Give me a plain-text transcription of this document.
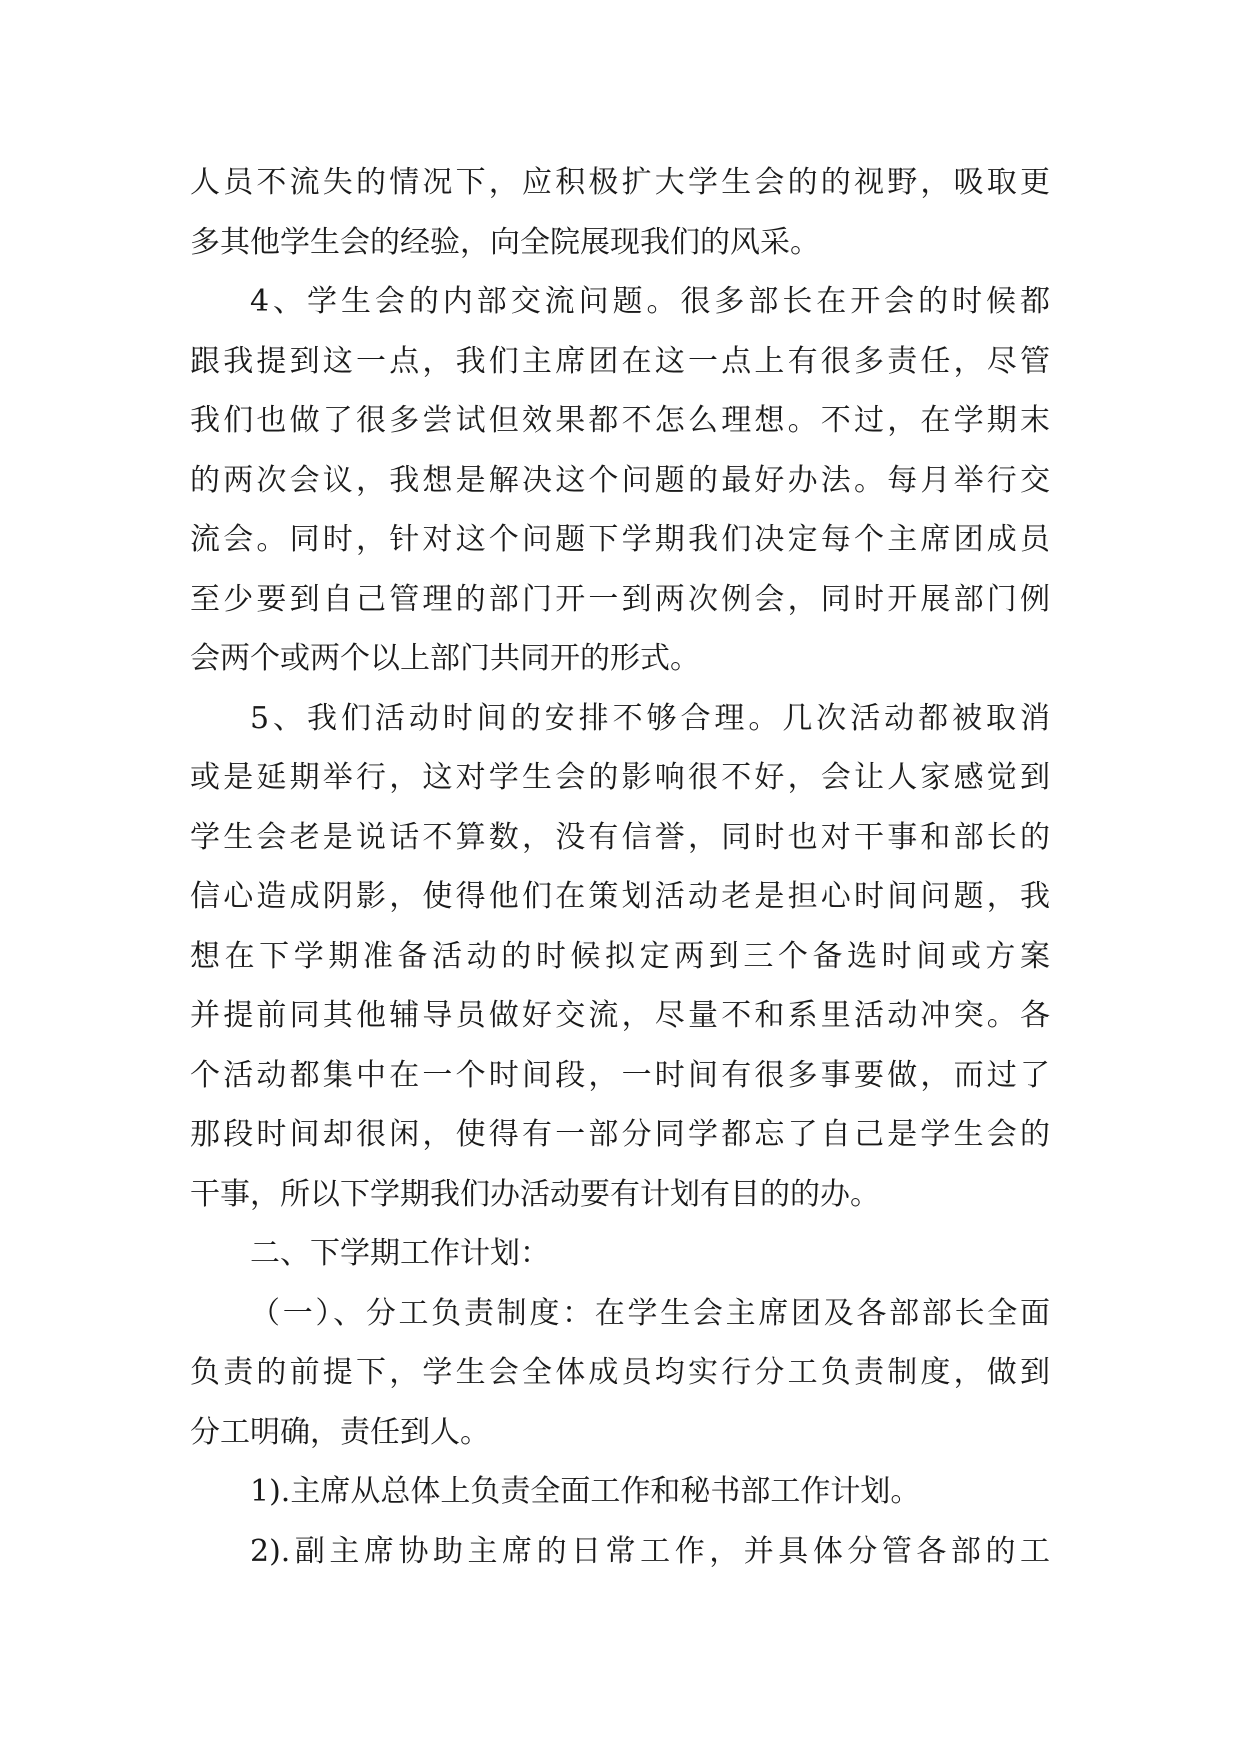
人员不流失的情况下，应积极扩大学生会的的视野，吸取更
多其他学生会的经验，向全院展现我们的风采。
4、学生会的内部交流问题。很多部长在开会的时候都
跟我提到这一点，我们主席团在这一点上有很多责任，尽管
我们也做了很多尝试但效果都不怎么理想。不过，在学期末
的两次会议，我想是解决这个问题的最好办法。每月举行交
流会。同时，针对这个问题下学期我们决定每个主席团成员
至少要到自己管理的部门开一到两次例会，同时开展部门例
会两个或两个以上部门共同开的形式。
5、我们活动时间的安排不够合理。几次活动都被取消
或是延期举行，这对学生会的影响很不好，会让人家感觉到
学生会老是说话不算数，没有信誉，同时也对干事和部长的
信心造成阴影，使得他们在策划活动老是担心时间问题，我
想在下学期准备活动的时候拟定两到三个备选时间或方案
并提前同其他辅导员做好交流，尽量不和系里活动冲突。各
个活动都集中在一个时间段，一时间有很多事要做，而过了
那段时间却很闲，使得有一部分同学都忘了自己是学生会的
干事，所以下学期我们办活动要有计划有目的的办。
二、下学期工作计划：
（一）、分工负责制度：在学生会主席团及各部部长全面
负责的前提下，学生会全体成员均实行分工负责制度，做到
分工明确，责任到人。
1).主席从总体上负责全面工作和秘书部工作计划。
2).副主席协助主席的日常工作，并具体分管各部的工
